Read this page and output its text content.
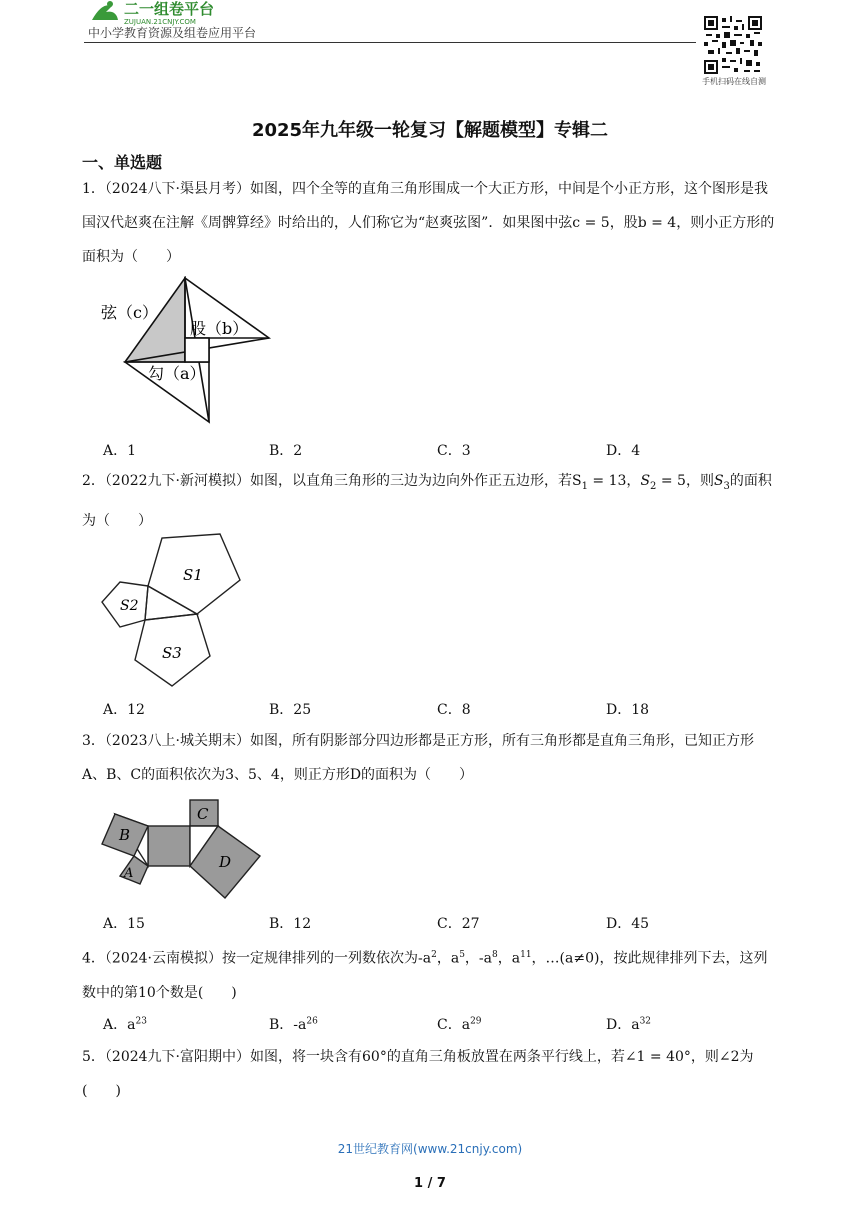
二一组卷平台
ZUJUAN.21CNJY.COM
中小学教育资源及组卷应用平台
手机扫码在线自测
2025年九年级一轮复习【解题模型】专辑二
一、单选题
1．（2024八下·渠县月考）如图，四个全等的直角三角形围成一个大正方形，中间是个小正方形，这个图形是我国汉代赵爽在注解《周髀算经》时给出的，人们称它为“赵爽弦图”．如果图中弦c = 5，股b = 4，则小正方形的面积为（　　）
弦（c）
股（b）
勾（a）
A．1	B．2	C．3	D．4
2．（2022九下·新河模拟）如图，以直角三角形的三边为边向外作正五边形，若$S_1 = 13$，$S_2 = 5$，则$S_3$的面积为（　　）
S1
S2
S3
A．12	B．25	C．8	D．18
3．（2023八上·城关期末）如图，所有阴影部分四边形都是正方形，所有三角形都是直角三角形，已知正方形A、B、C的面积依次为3、5、4，则正方形D的面积为（　　）
B
A
C
D
A．15	B．12	C．27	D．45
4．（2024·云南模拟）按一定规律排列的一列数依次为$-a^2$，$a^5$，$-a^8$，$a^{11}$，…(a≠0)，按此规律排列下去，这列数中的第10个数是(　　)
A．$a^{23}$	B．$-a^{26}$	C．$a^{29}$	D．$a^{32}$
5．（2024九下·富阳期中）如图，将一块含有60°的直角三角板放置在两条平行线上，若∠1 = 40°，则∠2为(　　)
21世纪教育网(www.21cnjy.com)
1 / 7
